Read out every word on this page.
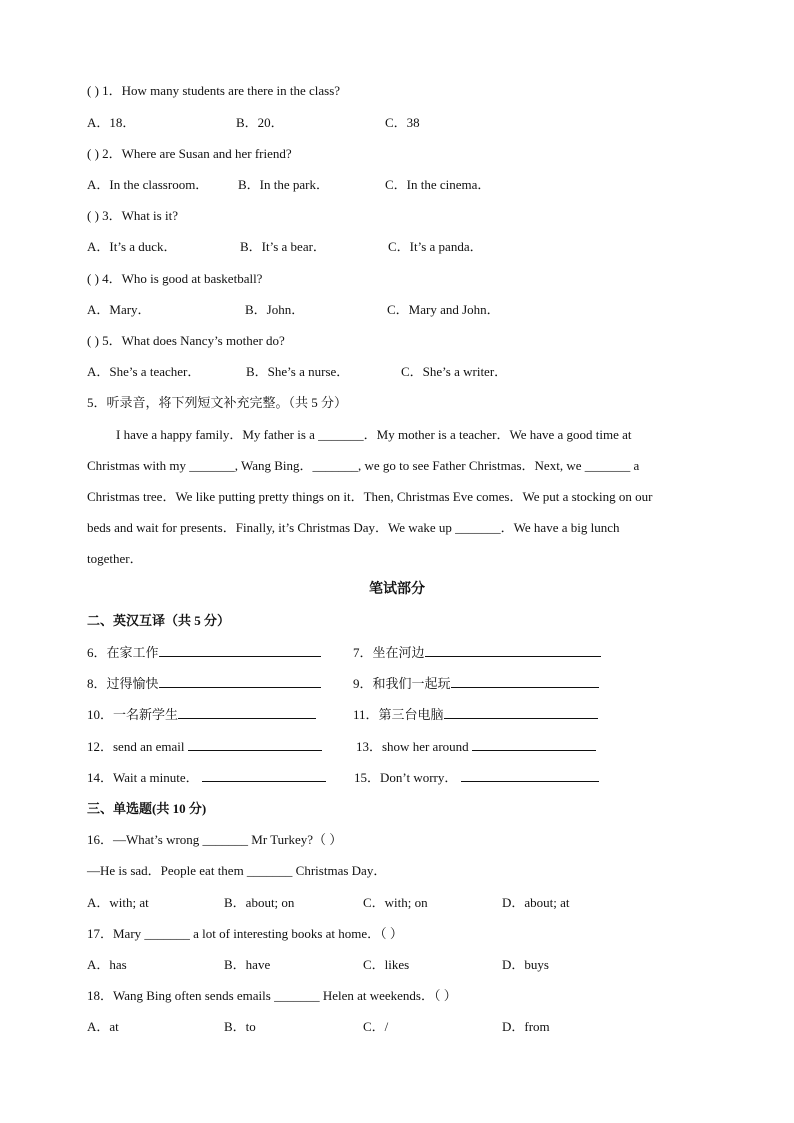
( ) 1．How many students are there in the class?
A．18．	B．20．	C．38
( ) 2．Where are Susan and her friend?
A．In the classroom． B．In the park．	C．In the cinema．
( ) 3．What is it?
A．It’s a duck．	B．It’s a bear．	C．It’s a panda．
( ) 4．Who is good at basketball?
A．Mary．	B．John．	C．Mary and John．
( ) 5．What does Nancy’s mother do?
A．She’s a teacher．	B．She’s a nurse．	C．She’s a writer．
5．听录音，将下列短文补充完整。（共 5 分）
I have a happy family．My father is a _______．My mother is a teacher．We have a good time at
Christmas with my _______, Wang Bing．_______, we go to see Father Christmas．Next, we _______ a
Christmas tree．We like putting pretty things on it．Then, Christmas Eve comes．We put a stocking on our
beds and wait for presents．Finally, it’s Christmas Day．We wake up _______．We have a big lunch
together．
笔试部分
二、英汉互译（共 5 分）
6．在家工作	7．坐在河边
8．过得愉快	9．和我们一起玩
10．一名新学生	11．第三台电脑
12．send an email	13．show her around
14．Wait a minute．	15．Don’t worry．
三、单选题(共 10 分)
16．—What’s wrong _______ Mr Turkey?（ ）
—He is sad．People eat them _______ Christmas Day．
A．with; at	B．about; on	C．with; on	D．about; at
17．Mary _______ a lot of interesting books at home．（ ）
A．has	B．have	C．likes	D．buys
18．Wang Bing often sends emails _______ Helen at weekends．（ ）
A．at	B．to	C．/	D．from
